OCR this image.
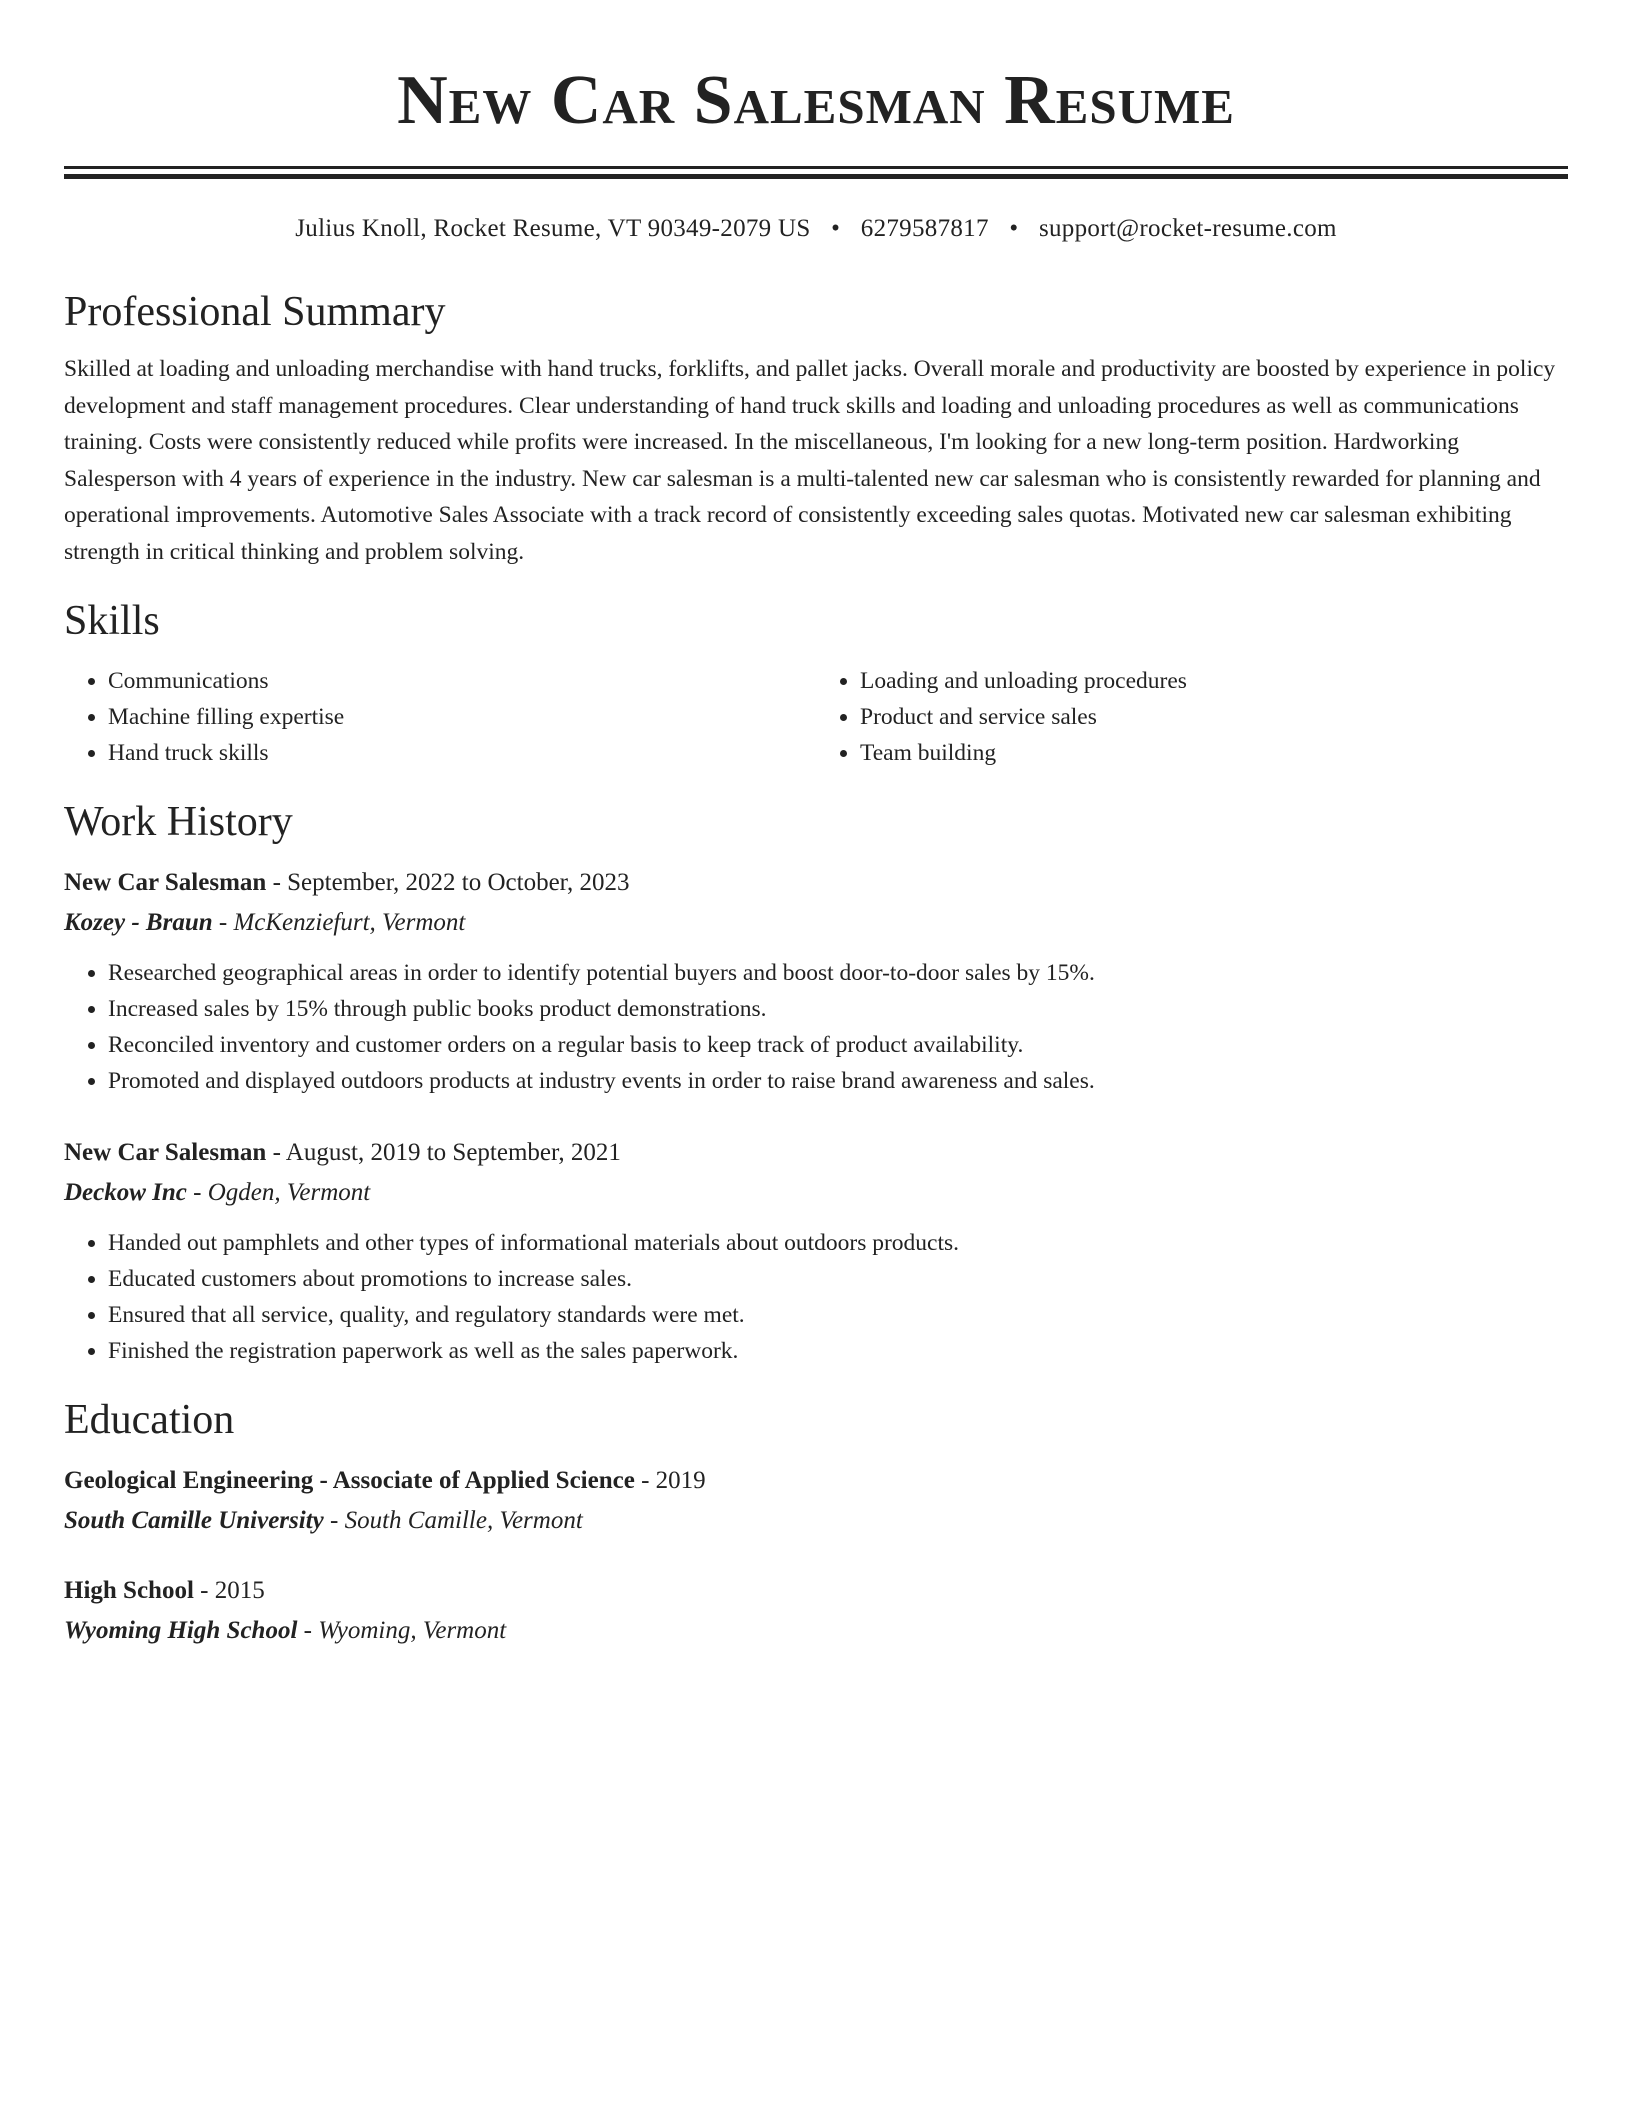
New Car Salesman Resume
Julius Knoll, Rocket Resume, VT 90349-2079 US • 6279587817 • support@rocket-resume.com
Professional Summary
Skilled at loading and unloading merchandise with hand trucks, forklifts, and pallet jacks. Overall morale and productivity are boosted by experience in policy development and staff management procedures. Clear understanding of hand truck skills and loading and unloading procedures as well as communications training. Costs were consistently reduced while profits were increased. In the miscellaneous, I'm looking for a new long-term position. Hardworking Salesperson with 4 years of experience in the industry. New car salesman is a multi-talented new car salesman who is consistently rewarded for planning and operational improvements. Automotive Sales Associate with a track record of consistently exceeding sales quotas. Motivated new car salesman exhibiting strength in critical thinking and problem solving.
Skills
• Communications
• Machine filling expertise
• Hand truck skills
• Loading and unloading procedures
• Product and service sales
• Team building
Work History
New Car Salesman - September, 2022 to October, 2023
Kozey - Braun - McKenziefurt, Vermont
• Researched geographical areas in order to identify potential buyers and boost door-to-door sales by 15%.
• Increased sales by 15% through public books product demonstrations.
• Reconciled inventory and customer orders on a regular basis to keep track of product availability.
• Promoted and displayed outdoors products at industry events in order to raise brand awareness and sales.
New Car Salesman - August, 2019 to September, 2021
Deckow Inc - Ogden, Vermont
• Handed out pamphlets and other types of informational materials about outdoors products.
• Educated customers about promotions to increase sales.
• Ensured that all service, quality, and regulatory standards were met.
• Finished the registration paperwork as well as the sales paperwork.
Education
Geological Engineering - Associate of Applied Science - 2019
South Camille University - South Camille, Vermont
High School - 2015
Wyoming High School - Wyoming, Vermont
